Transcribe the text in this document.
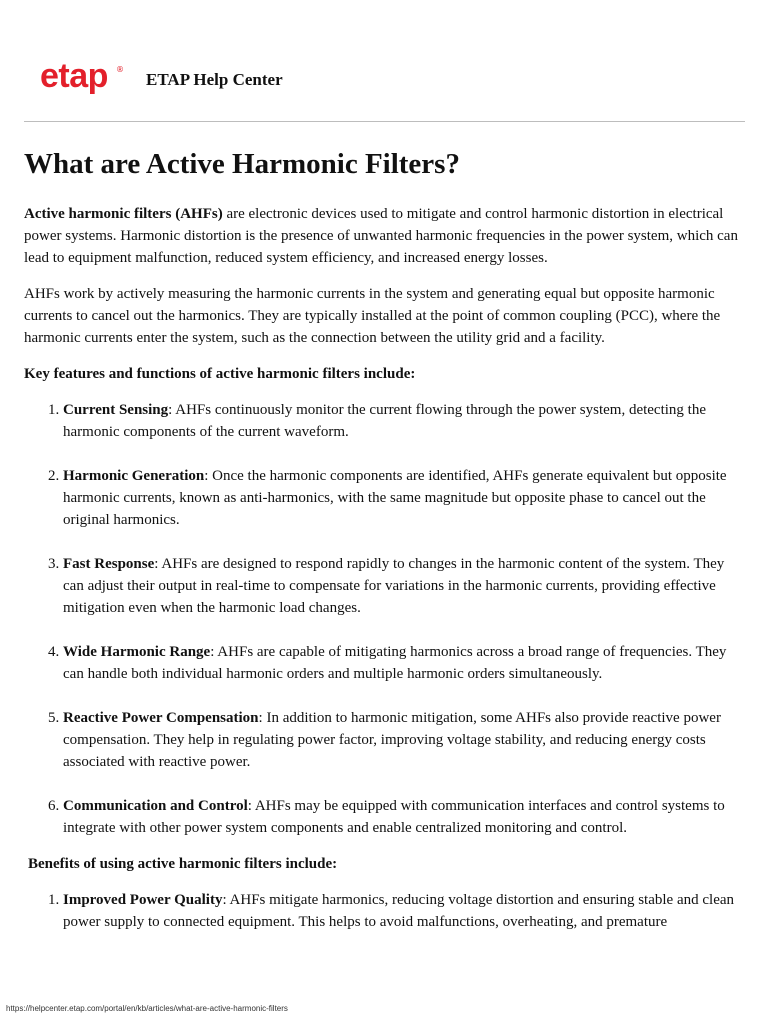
etap ®
ETAP Help Center
What are Active Harmonic Filters?

Active harmonic filters (AHFs) are electronic devices used to mitigate and control harmonic distortion in electrical power systems. Harmonic distortion is the presence of unwanted harmonic frequencies in the power system, which can lead to equipment malfunction, reduced system efficiency, and increased energy losses.

AHFs work by actively measuring the harmonic currents in the system and generating equal but opposite harmonic currents to cancel out the harmonics. They are typically installed at the point of common coupling (PCC), where the harmonic currents enter the system, such as the connection between the utility grid and a facility.

Key features and functions of active harmonic filters include:

1. Current Sensing: AHFs continuously monitor the current flowing through the power system, detecting the harmonic components of the current waveform.
2. Harmonic Generation: Once the harmonic components are identified, AHFs generate equivalent but opposite harmonic currents, known as anti-harmonics, with the same magnitude but opposite phase to cancel out the original harmonics.
3. Fast Response: AHFs are designed to respond rapidly to changes in the harmonic content of the system. They can adjust their output in real-time to compensate for variations in the harmonic currents, providing effective mitigation even when the harmonic load changes.
4. Wide Harmonic Range: AHFs are capable of mitigating harmonics across a broad range of frequencies. They can handle both individual harmonic orders and multiple harmonic orders simultaneously.
5. Reactive Power Compensation: In addition to harmonic mitigation, some AHFs also provide reactive power compensation. They help in regulating power factor, improving voltage stability, and reducing energy costs associated with reactive power.
6. Communication and Control: AHFs may be equipped with communication interfaces and control systems to integrate with other power system components and enable centralized monitoring and control.

Benefits of using active harmonic filters include:

1. Improved Power Quality: AHFs mitigate harmonics, reducing voltage distortion and ensuring stable and clean power supply to connected equipment. This helps to avoid malfunctions, overheating, and premature
https://helpcenter.etap.com/portal/en/kb/articles/what-are-active-harmonic-filters
